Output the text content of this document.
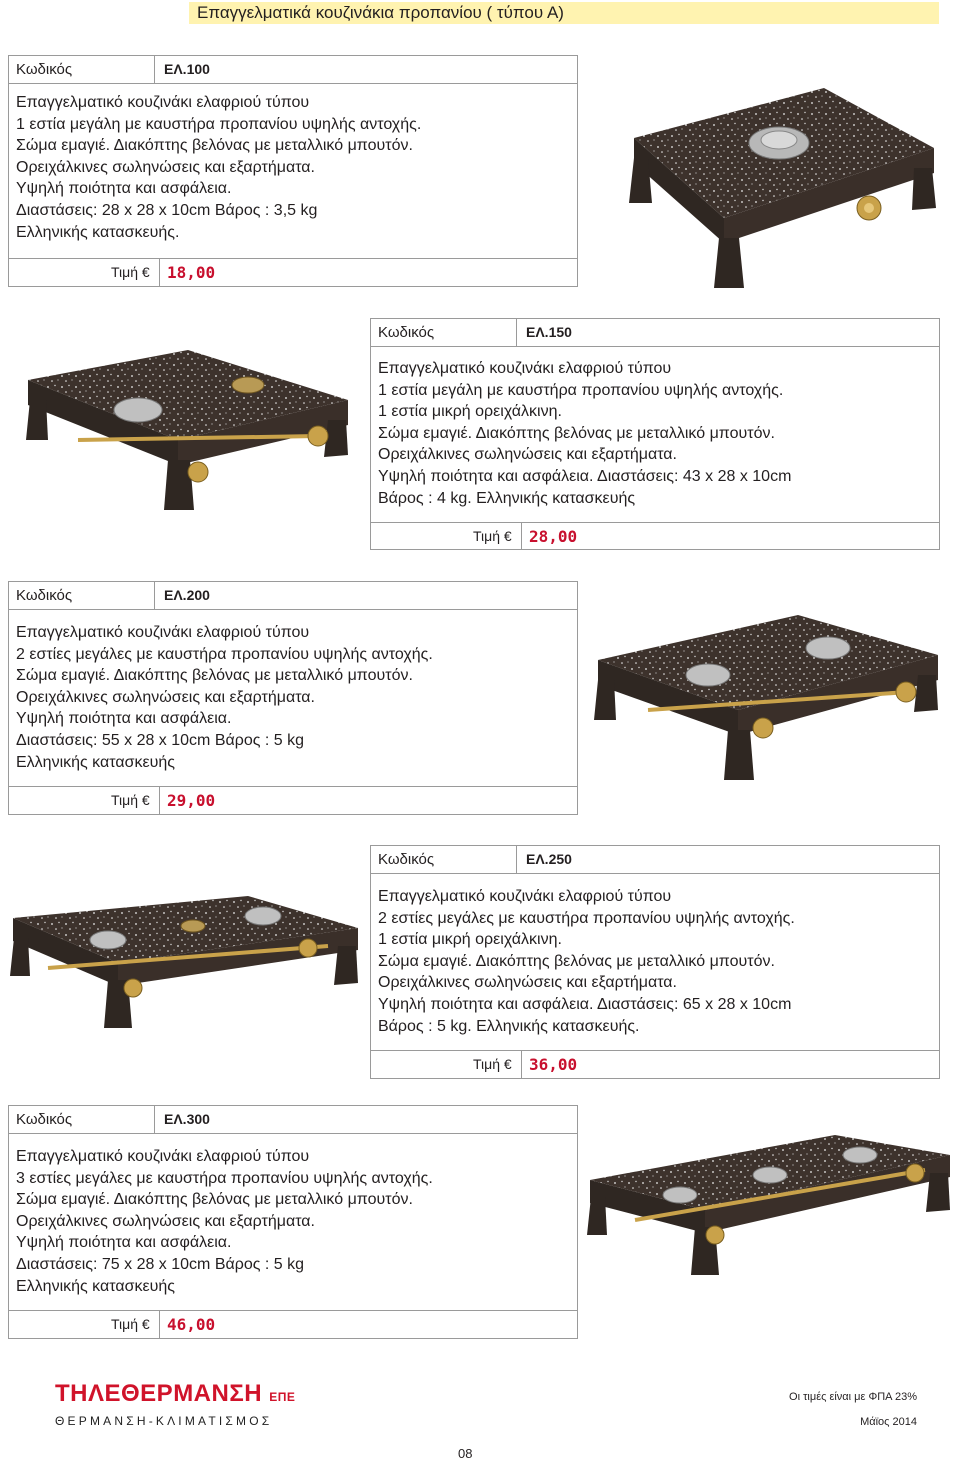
Επαγγελματικά κουζινάκια προπανίου ( τύπου Α)
Κωδικός	ΕΛ.100
Επαγγελματικό κουζινάκι ελαφριού τύπου
1 εστία μεγάλη με καυστήρα προπανίου υψηλής αντοχής.
Σώμα εμαγιέ. Διακόπτης βελόνας με μεταλλικό μπουτόν.
Ορειχάλκινες σωληνώσεις και εξαρτήματα.
Υψηλή ποιότητα και ασφάλεια.
Διαστάσεις: 28 x 28 x 10cm Βάρος : 3,5 kg
Ελληνικής κατασκευής.
Τιμή € 18,00
Κωδικός	ΕΛ.150
Επαγγελματικό κουζινάκι ελαφριού τύπου
1 εστία μεγάλη με καυστήρα προπανίου υψηλής αντοχής.
1 εστία μικρή ορειχάλκινη.
Σώμα εμαγιέ. Διακόπτης βελόνας με μεταλλικό μπουτόν.
Ορειχάλκινες σωληνώσεις και εξαρτήματα.
Υψηλή ποιότητα και ασφάλεια. Διαστάσεις: 43 x 28 x 10cm
Βάρος : 4 kg. Ελληνικής κατασκευής
Τιμή € 28,00
Κωδικός	ΕΛ.200
Επαγγελματικό κουζινάκι ελαφριού τύπου
2 εστίες μεγάλες με καυστήρα προπανίου υψηλής αντοχής.
Σώμα εμαγιέ. Διακόπτης βελόνας με μεταλλικό μπουτόν.
Ορειχάλκινες σωληνώσεις και εξαρτήματα.
Υψηλή ποιότητα και ασφάλεια.
Διαστάσεις: 55 x 28 x 10cm Βάρος : 5 kg
Ελληνικής κατασκευής
Τιμή € 29,00
Κωδικός	ΕΛ.250
Επαγγελματικό κουζινάκι ελαφριού τύπου
2 εστίες μεγάλες με καυστήρα προπανίου υψηλής αντοχής.
1 εστία μικρή ορειχάλκινη.
Σώμα εμαγιέ. Διακόπτης βελόνας με μεταλλικό μπουτόν.
Ορειχάλκινες σωληνώσεις και εξαρτήματα.
Υψηλή ποιότητα και ασφάλεια. Διαστάσεις: 65 x 28 x 10cm
Βάρος : 5 kg. Ελληνικής κατασκευής.
Τιμή € 36,00
Κωδικός	ΕΛ.300
Επαγγελματικό κουζινάκι ελαφριού τύπου
3 εστίες μεγάλες με καυστήρα προπανίου υψηλής αντοχής.
Σώμα εμαγιέ. Διακόπτης βελόνας με μεταλλικό μπουτόν.
Ορειχάλκινες σωληνώσεις και εξαρτήματα.
Υψηλή ποιότητα και ασφάλεια.
Διαστάσεις: 75 x 28 x 10cm Βάρος : 5 kg
Ελληνικής κατασκευής
Τιμή € 46,00
ΤΗΛΕΘΕΡΜΑΝΣΗ ΕΠΕ
ΘΕΡΜΑΝΣΗ-ΚΛΙΜΑΤΙΣΜΟΣ
Οι τιμές είναι με ΦΠΑ 23%
Μάϊος 2014
08
